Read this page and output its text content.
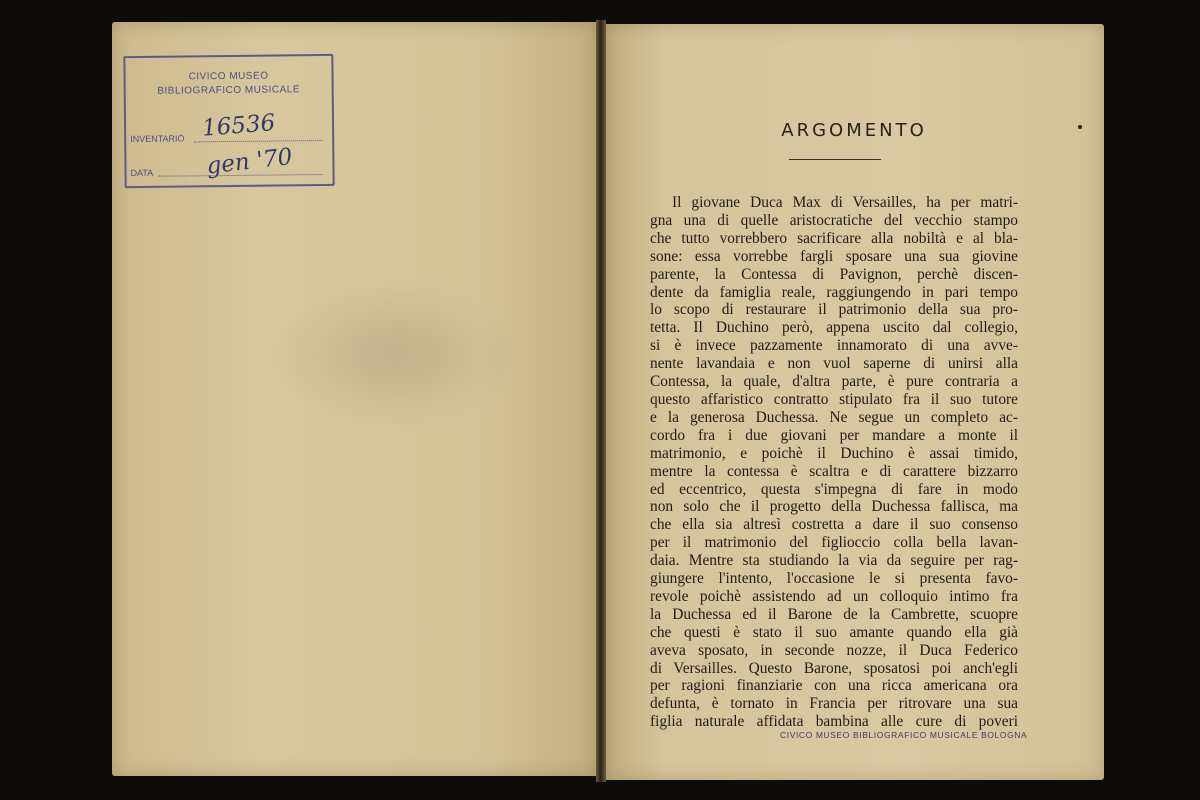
CIVICO MUSEO
BIBLIOGRAFICO MUSICALE
INVENTARIO 16536
DATA gen '70
ARGOMENTO
Il giovane Duca Max di Versailles, ha per matri-
gna una di quelle aristocratiche del vecchio stampo
che tutto vorrebbero sacrificare alla nobiltà e al bla-
sone: essa vorrebbe fargli sposare una sua giovine
parente, la Contessa di Pavignon, perchè discen-
dente da famiglia reale, raggiungendo in pari tempo
lo scopo di restaurare il patrimonio della sua pro-
tetta. Il Duchino però, appena uscito dal collegio,
si è invece pazzamente innamorato di una avve-
nente lavandaia e non vuol saperne di unirsi alla
Contessa, la quale, d'altra parte, è pure contraria a
questo affaristico contratto stipulato fra il suo tutore
e la generosa Duchessa. Ne segue un completo ac-
cordo fra i due giovani per mandare a monte il
matrimonio, e poichè il Duchino è assai timido,
mentre la contessa è scaltra e di carattere bizzarro
ed eccentrico, questa s'impegna di fare in modo
non solo che il progetto della Duchessa fallisca, ma
che ella sia altresì costretta a dare il suo consenso
per il matrimonio del figlioccio colla bella lavan-
daia. Mentre sta studiando la via da seguire per rag-
giungere l'intento, l'occasione le si presenta favo-
revole poichè assistendo ad un colloquio intimo fra
la Duchessa ed il Barone de la Cambrette, scuopre
che questi è stato il suo amante quando ella già
aveva sposato, in seconde nozze, il Duca Federico
di Versailles. Questo Barone, sposatosi poi anch'egli
per ragioni finanziarie con una ricca americana ora
defunta, è tornato in Francia per ritrovare una sua
figlia naturale affidata bambina alle cure di poveri
CIVICO MUSEO BIBLIOGRAFICO MUSICALE BOLOGNA
